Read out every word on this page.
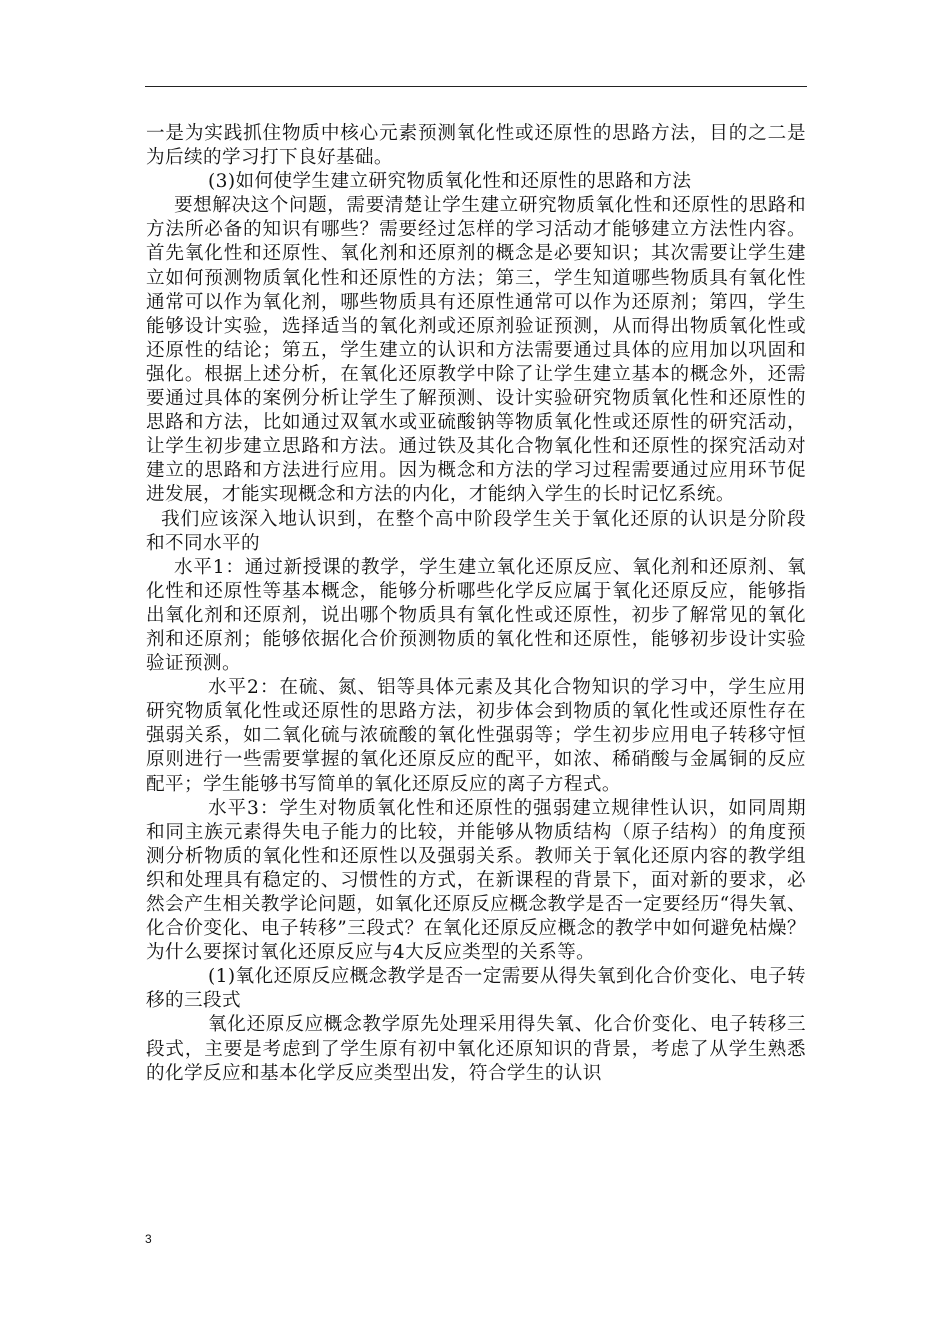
一是为实践抓住物质中核心元素预测氧化性或还原性的思路方法，目的之二是为后续的学习打下良好基础。

(3)如何使学生建立研究物质氧化性和还原性的思路和方法

要想解决这个问题，需要清楚让学生建立研究物质氧化性和还原性的思路和方法所必备的知识有哪些？需要经过怎样的学习活动才能够建立方法性内容。首先氧化性和还原性、氧化剂和还原剂的概念是必要知识；其次需要让学生建立如何预测物质氧化性和还原性的方法；第三，学生知道哪些物质具有氧化性通常可以作为氧化剂，哪些物质具有还原性通常可以作为还原剂；第四，学生能够设计实验，选择适当的氧化剂或还原剂验证预测，从而得出物质氧化性或还原性的结论；第五，学生建立的认识和方法需要通过具体的应用加以巩固和强化。根据上述分析，在氧化还原教学中除了让学生建立基本的概念外，还需要通过具体的案例分析让学生了解预测、设计实验研究物质氧化性和还原性的思路和方法，比如通过双氧水或亚硫酸钠等物质氧化性或还原性的研究活动，让学生初步建立思路和方法。通过铁及其化合物氧化性和还原性的探究活动对建立的思路和方法进行应用。因为概念和方法的学习过程需要通过应用环节促进发展，才能实现概念和方法的内化，才能纳入学生的长时记忆系统。

我们应该深入地认识到，在整个高中阶段学生关于氧化还原的认识是分阶段和不同水平的

水平1：通过新授课的教学，学生建立氧化还原反应、氧化剂和还原剂、氧化性和还原性等基本概念，能够分析哪些化学反应属于氧化还原反应，能够指出氧化剂和还原剂，说出哪个物质具有氧化性或还原性，初步了解常见的氧化剂和还原剂；能够依据化合价预测物质的氧化性和还原性，能够初步设计实验验证预测。

水平2：在硫、氮、铝等具体元素及其化合物知识的学习中，学生应用研究物质氧化性或还原性的思路方法，初步体会到物质的氧化性或还原性存在强弱关系，如二氧化硫与浓硫酸的氧化性强弱等；学生初步应用电子转移守恒原则进行一些需要掌握的氧化还原反应的配平，如浓、稀硝酸与金属铜的反应配平；学生能够书写简单的氧化还原反应的离子方程式。

水平3：学生对物质氧化性和还原性的强弱建立规律性认识，如同周期和同主族元素得失电子能力的比较，并能够从物质结构（原子结构）的角度预测分析物质的氧化性和还原性以及强弱关系。教师关于氧化还原内容的教学组织和处理具有稳定的、习惯性的方式，在新课程的背景下，面对新的要求，必然会产生相关教学论问题，如氧化还原反应概念教学是否一定要经历“得失氧、化合价变化、电子转移”三段式？在氧化还原反应概念的教学中如何避免枯燥？为什么要探讨氧化还原反应与4大反应类型的关系等。

(1)氧化还原反应概念教学是否一定需要从得失氧到化合价变化、电子转移的三段式

氧化还原反应概念教学原先处理采用得失氧、化合价变化、电子转移三段式，主要是考虑到了学生原有初中氧化还原知识的背景，考虑了从学生熟悉的化学反应和基本化学反应类型出发，符合学生的认识

3
